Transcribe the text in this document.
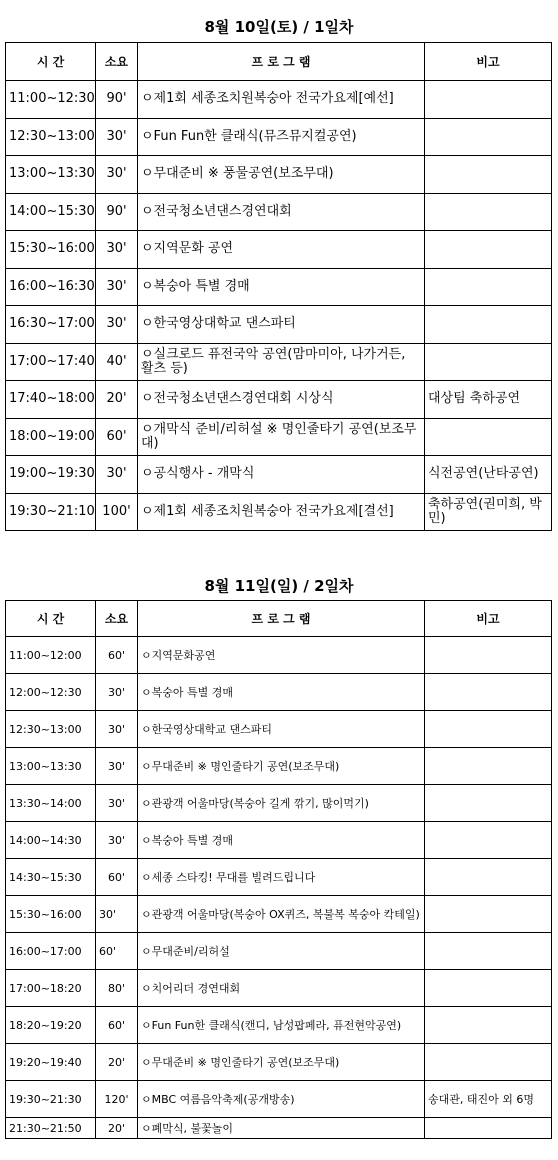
8월 10일(토) / 1일차
시 간	소요	프 로 그 램	비고
11:00~12:30	90'	ㅇ제1회 세종조치원복숭아 전국가요제[예선]	
12:30~13:00	30'	ㅇFun Fun한 클래식(뮤즈뮤지컬공연)	
13:00~13:30	30'	ㅇ무대준비 ※ 풍물공연(보조무대)	
14:00~15:30	90'	ㅇ전국청소년댄스경연대회	
15:30~16:00	30'	ㅇ지역문화 공연	
16:00~16:30	30'	ㅇ복숭아 특별 경매	
16:30~17:00	30'	ㅇ한국영상대학교 댄스파티	
17:00~17:40	40'	ㅇ실크로드 퓨전국악 공연(맘마미아, 나가거든, 활츠 등)	
17:40~18:00	20'	ㅇ전국청소년댄스경연대회 시상식	대상팀 축하공연
18:00~19:00	60'	ㅇ개막식 준비/리허설 ※ 명인줄타기 공연(보조무대)	
19:00~19:30	30'	ㅇ공식행사 - 개막식	식전공연(난타공연)
19:30~21:10	100'	ㅇ제1회 세종조치원복숭아 전국가요제[결선]	축하공연(권미희, 박민)
8월 11일(일) / 2일차
시 간	소요	프 로 그 램	비고
11:00~12:00	60'	ㅇ지역문화공연	
12:00~12:30	30'	ㅇ복숭아 특별 경매	
12:30~13:00	30'	ㅇ한국영상대학교 댄스파티	
13:00~13:30	30'	ㅇ무대준비 ※ 명인줄타기 공연(보조무대)	
13:30~14:00	30'	ㅇ관광객 어울마당(복숭아 길게 깎기, 많이먹기)	
14:00~14:30	30'	ㅇ복숭아 특별 경매	
14:30~15:30	60'	ㅇ세종 스타킹! 무대를 빌려드립니다	
15:30~16:00	30'	ㅇ관광객 어울마당(복숭아 OX퀴즈, 복불복 복숭아 칵테일)	
16:00~17:00	60'	ㅇ무대준비/리허설	
17:00~18:20	80'	ㅇ치어리더 경연대회	
18:20~19:20	60'	ㅇFun Fun한 클래식(캔디, 남성팝페라, 퓨전현악공연)	
19:20~19:40	20'	ㅇ무대준비 ※ 명인줄타기 공연(보조무대)	
19:30~21:30	120'	ㅇMBC 여름음악축제(공개방송)	송대관, 태진아 외 6명
21:30~21:50	20'	ㅇ폐막식, 불꽃놀이	
